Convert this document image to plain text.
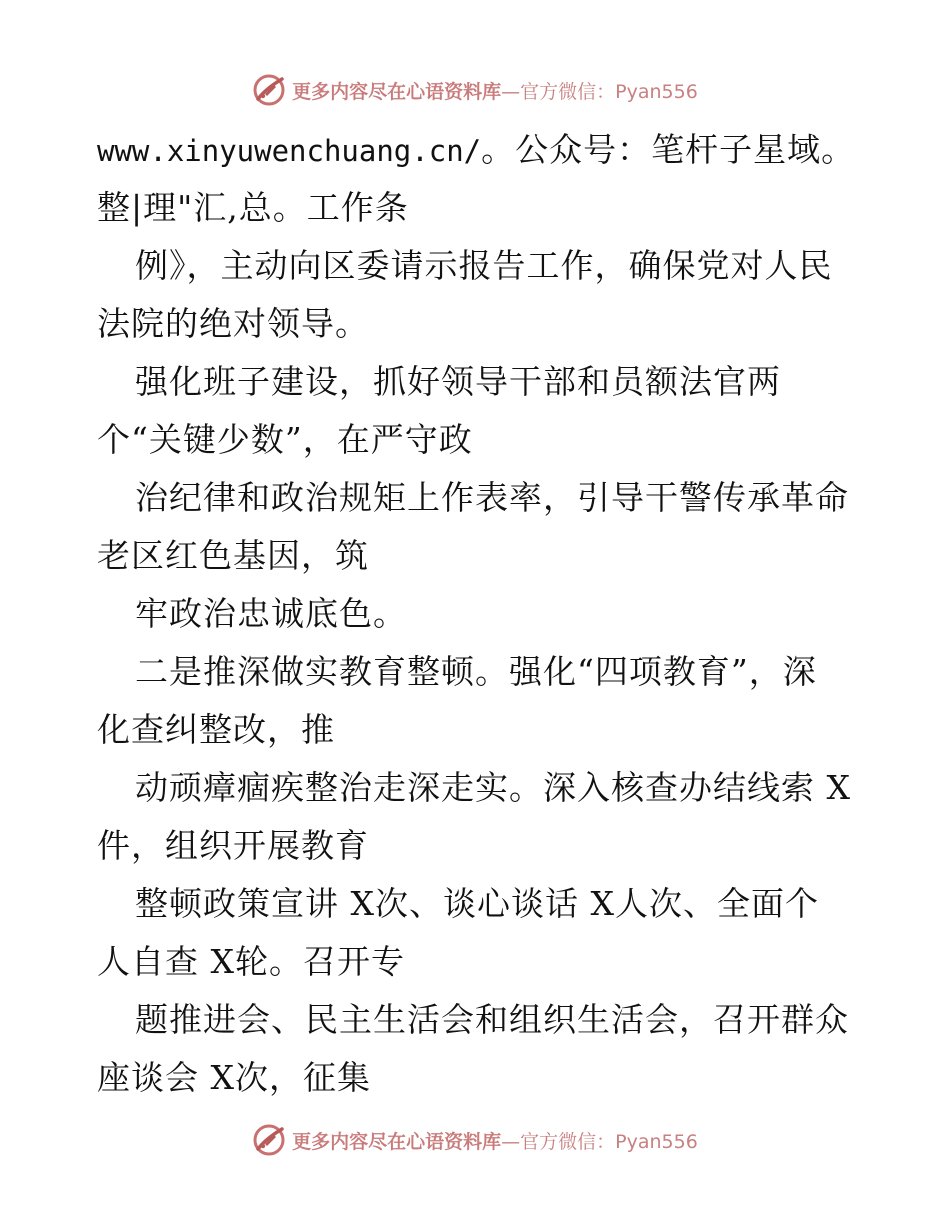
更多内容尽在心语资料库—官方微信：Pyan556
www.xinyuwenchuang.cn/。公众号：笔杆子星域。
整|理"汇,总。工作条
例》，主动向区委请示报告工作，确保党对人民
法院的绝对领导。
强化班子建设，抓好领导干部和员额法官两
个“关键少数”，在严守政
治纪律和政治规矩上作表率，引导干警传承革命
老区红色基因，筑
牢政治忠诚底色。
二是推深做实教育整顿。强化“四项教育”，深
化查纠整改，推
动顽瘴痼疾整治走深走实。深入核查办结线索 X
件，组织开展教育
整顿政策宣讲 X次、谈心谈话 X人次、全面个
人自查 X轮。召开专
题推进会、民主生活会和组织生活会，召开群众
座谈会 X次，征集
更多内容尽在心语资料库—官方微信：Pyan556
